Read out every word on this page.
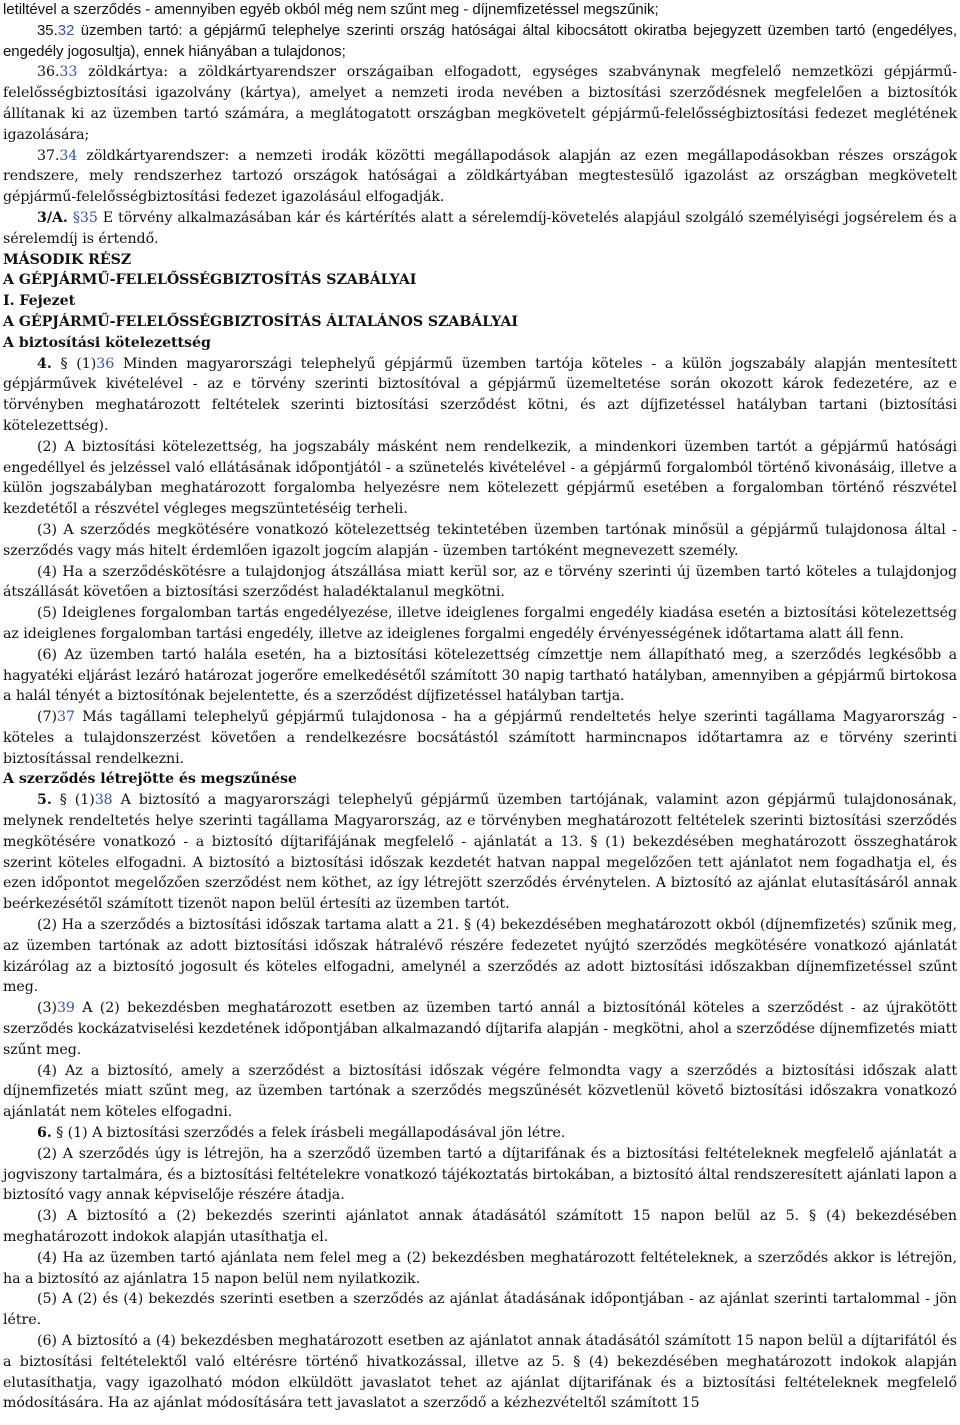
letiltével a szerződés - amennyiben egyéb okból még nem szűnt meg - díjnemfizetéssel megszűnik;

35.32 üzemben tartó: a gépjármű telephelye szerinti ország hatóságai által kibocsátott okiratba bejegyzett üzemben tartó (engedélyes, engedély jogosultja), ennek hiányában a tulajdonos;

36.33 zöldkártya: a zöldkártyarendszer országaiban elfogadott, egységes szabványnak megfelelő nemzetközi gépjármű-felelősségbiztosítási igazolvány (kártya), amelyet a nemzeti iroda nevében a biztosítási szerződésnek megfelelően a biztosítók állítanak ki az üzemben tartó számára, a meglátogatott országban megkövetelt gépjármű-felelősségbiztosítási fedezet meglétének igazolására;

37.34 zöldkártyarendszer: a nemzeti irodák közötti megállapodások alapján az ezen megállapodásokban részes országok rendszere, mely rendszerhez tartozó országok hatóságai a zöldkártyában megtestesülő igazolást az országban megkövetelt gépjármű-felelősségbiztosítási fedezet igazolásául elfogadják.

3/A. §35 E törvény alkalmazásában kár és kártérítés alatt a sérelemdíj-követelés alapjául szolgáló személyiségi jogsérelem és a sérelemdíj is értendő.

MÁSODIK RÉSZ

A GÉPJÁRMŰ-FELELŐSSÉGBIZTOSÍTÁS SZABÁLYAI

I. Fejezet

A GÉPJÁRMŰ-FELELŐSSÉGBIZTOSÍTÁS ÁLTALÁNOS SZABÁLYAI

A biztosítási kötelezettség

4. § (1)36 Minden magyarországi telephelyű gépjármű üzemben tartója köteles - a külön jogszabály alapján mentesített gépjárművek kivételével - az e törvény szerinti biztosítóval a gépjármű üzemeltetése során okozott károk fedezetére, az e törvényben meghatározott feltételek szerinti biztosítási szerződést kötni, és azt díjfizetéssel hatályban tartani (biztosítási kötelezettség).

(2) A biztosítási kötelezettség, ha jogszabály másként nem rendelkezik, a mindenkori üzemben tartót a gépjármű hatósági engedéllyel és jelzéssel való ellátásának időpontjától - a szünetelés kivételével - a gépjármű forgalomból történő kivonásáig, illetve a külön jogszabályban meghatározott forgalomba helyezésre nem kötelezett gépjármű esetében a forgalomban történő részvétel kezdetétől a részvétel végleges megszüntetéséig terheli.

(3) A szerződés megkötésére vonatkozó kötelezettség tekintetében üzemben tartónak minősül a gépjármű tulajdonosa által - szerződés vagy más hitelt érdemlően igazolt jogcím alapján - üzemben tartóként megnevezett személy.

(4) Ha a szerződéskötésre a tulajdonjog átszállása miatt kerül sor, az e törvény szerinti új üzemben tartó köteles a tulajdonjog átszállását követően a biztosítási szerződést haladéktalanul megkötni.

(5) Ideiglenes forgalomban tartás engedélyezése, illetve ideiglenes forgalmi engedély kiadása esetén a biztosítási kötelezettség az ideiglenes forgalomban tartási engedély, illetve az ideiglenes forgalmi engedély érvényességének időtartama alatt áll fenn.

(6) Az üzemben tartó halála esetén, ha a biztosítási kötelezettség címzettje nem állapítható meg, a szerződés legkésőbb a hagyatéki eljárást lezáró határozat jogerőre emelkedésétől számított 30 napig tartható hatályban, amennyiben a gépjármű birtokosa a halál tényét a biztosítónak bejelentette, és a szerződést díjfizetéssel hatályban tartja.

(7)37 Más tagállami telephelyű gépjármű tulajdonosa - ha a gépjármű rendeltetés helye szerinti tagállama Magyarország - köteles a tulajdonszerzést követően a rendelkezésre bocsátástól számított harmincnapos időtartamra az e törvény szerinti biztosítással rendelkezni.

A szerződés létrejötte és megszűnése

5. § (1)38 A biztosító a magyarországi telephelyű gépjármű üzemben tartójának, valamint azon gépjármű tulajdonosának, melynek rendeltetés helye szerinti tagállama Magyarország, az e törvényben meghatározott feltételek szerinti biztosítási szerződés megkötésére vonatkozó - a biztosító díjtarifájának megfelelő - ajánlatát a 13. § (1) bekezdésében meghatározott összeghatárok szerint köteles elfogadni. A biztosító a biztosítási időszak kezdetét hatvan nappal megelőzően tett ajánlatot nem fogadhatja el, és ezen időpontot megelőzően szerződést nem köthet, az így létrejött szerződés érvénytelen. A biztosító az ajánlat elutasításáról annak beérkezésétől számított tizenöt napon belül értesíti az üzemben tartót.

(2) Ha a szerződés a biztosítási időszak tartama alatt a 21. § (4) bekezdésében meghatározott okból (díjnemfizetés) szűnik meg, az üzemben tartónak az adott biztosítási időszak hátralévő részére fedezetet nyújtó szerződés megkötésére vonatkozó ajánlatát kizárólag az a biztosító jogosult és köteles elfogadni, amelynél a szerződés az adott biztosítási időszakban díjnemfizetéssel szűnt meg.

(3)39 A (2) bekezdésben meghatározott esetben az üzemben tartó annál a biztosítónál köteles a szerződést - az újrakötött szerződés kockázatviselési kezdetének időpontjában alkalmazandó díjtarifa alapján - megkötni, ahol a szerződése díjnemfizetés miatt szűnt meg.

(4) Az a biztosító, amely a szerződést a biztosítási időszak végére felmondta vagy a szerződés a biztosítási időszak alatt díjnemfizetés miatt szűnt meg, az üzemben tartónak a szerződés megszűnését közvetlenül követő biztosítási időszakra vonatkozó ajánlatát nem köteles elfogadni.

6. § (1) A biztosítási szerződés a felek írásbeli megállapodásával jön létre.

(2) A szerződés úgy is létrejön, ha a szerződő üzemben tartó a díjtarifának és a biztosítási feltételeknek megfelelő ajánlatát a jogviszony tartalmára, és a biztosítási feltételekre vonatkozó tájékoztatás birtokában, a biztosító által rendszeresített ajánlati lapon a biztosító vagy annak képviselője részére átadja.

(3) A biztosító a (2) bekezdés szerinti ajánlatot annak átadásától számított 15 napon belül az 5. § (4) bekezdésében meghatározott indokok alapján utasíthatja el.

(4) Ha az üzemben tartó ajánlata nem felel meg a (2) bekezdésben meghatározott feltételeknek, a szerződés akkor is létrejön, ha a biztosító az ajánlatra 15 napon belül nem nyilatkozik.

(5) A (2) és (4) bekezdés szerinti esetben a szerződés az ajánlat átadásának időpontjában - az ajánlat szerinti tartalommal - jön létre.

(6) A biztosító a (4) bekezdésben meghatározott esetben az ajánlatot annak átadásától számított 15 napon belül a díjtarifától és a biztosítási feltételektől való eltérésre történő hivatkozással, illetve az 5. § (4) bekezdésében meghatározott indokok alapján elutasíthatja, vagy igazolható módon elküldött javaslatot tehet az ajánlat díjtarifának és a biztosítási feltételeknek megfelelő módosítására. Ha az ajánlat módosítására tett javaslatot a szerződő a kézhezvételtől számított 15
